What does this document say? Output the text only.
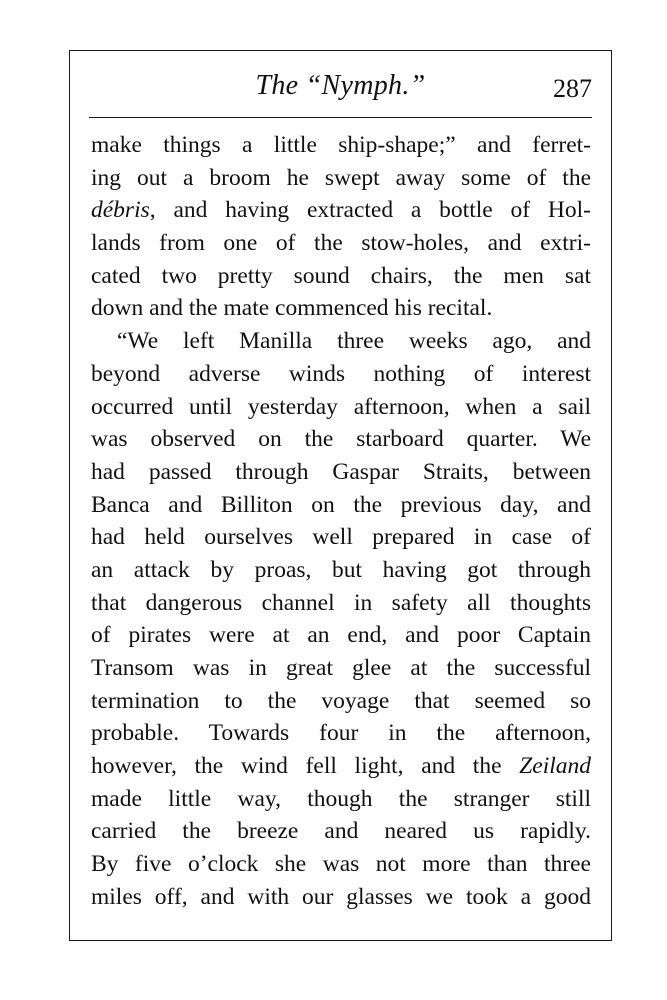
The “Nymph.”	287
make things a little ship-shape;” and ferret-
ing out a broom he swept away some of the
débris, and having extracted a bottle of Hol-
lands from one of the stow-holes, and extri-
cated two pretty sound chairs, the men sat
down and the mate commenced his recital.
“We left Manilla three weeks ago, and
beyond adverse winds nothing of interest
occurred until yesterday afternoon, when a sail
was observed on the starboard quarter. We
had passed through Gaspar Straits, between
Banca and Billiton on the previous day, and
had held ourselves well prepared in case of
an attack by proas, but having got through
that dangerous channel in safety all thoughts
of pirates were at an end, and poor Captain
Transom was in great glee at the successful
termination to the voyage that seemed so
probable. Towards four in the afternoon,
however, the wind fell light, and the Zeiland
made little way, though the stranger still
carried the breeze and neared us rapidly.
By five o’clock she was not more than three
miles off, and with our glasses we took a good
